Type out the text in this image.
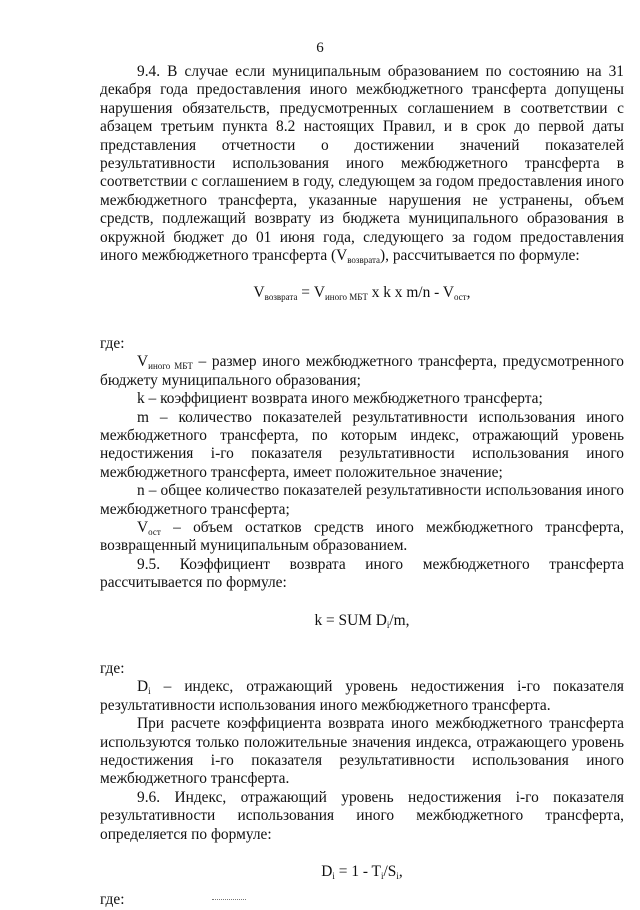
6

9.4. В случае если муниципальным образованием по состоянию на 31 декабря года предоставления иного межбюджетного трансферта допущены нарушения обязательств, предусмотренных соглашением в соответствии с абзацем третьим пункта 8.2 настоящих Правил, и в срок до первой даты представления отчетности о достижении значений показателей результативности использования иного межбюджетного трансферта в соответствии с соглашением в году, следующем за годом предоставления иного межбюджетного трансферта, указанные нарушения не устранены, объем средств, подлежащий возврату из бюджета муниципального образования в окружной бюджет до 01 июня года, следующего за годом предоставления иного межбюджетного трансферта $(V_{возврата})$, рассчитывается по формуле:

$V_{возврата} = V_{иного МБТ}$ x k x $m/n - V_{ост}$,

где:

$V_{иного МБТ}$ – размер иного межбюджетного трансферта, предусмотренного бюджету муниципального образования;

k – коэффициент возврата иного межбюджетного трансферта;

m – количество показателей результативности использования иного межбюджетного трансферта, по которым индекс, отражающий уровень недостижения i-го показателя результативности использования иного межбюджетного трансферта, имеет положительное значение;

n – общее количество показателей результативности использования иного межбюджетного трансферта;

$V_{ост}$ – объем остатков средств иного межбюджетного трансферта, возвращенный муниципальным образованием.

9.5. Коэффициент возврата иного межбюджетного трансферта рассчитывается по формуле:

k = SUM $D_i/m$,

где:

$D_i$ – индекс, отражающий уровень недостижения i-го показателя результативности использования иного межбюджетного трансферта.

При расчете коэффициента возврата иного межбюджетного трансферта используются только положительные значения индекса, отражающего уровень недостижения i-го показателя результативности использования иного межбюджетного трансферта.

9.6. Индекс, отражающий уровень недостижения i-го показателя результативности использования иного межбюджетного трансферта, определяется по формуле:

$D_i = 1 - T_i/S_i$,

где:
